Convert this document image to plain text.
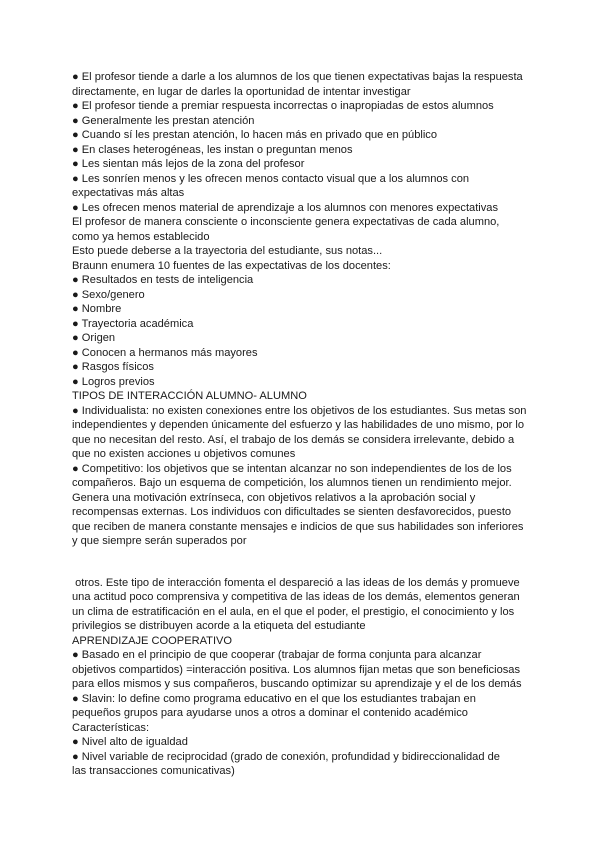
● El profesor tiende a darle a los alumnos de los que tienen expectativas bajas la respuesta
directamente, en lugar de darles la oportunidad de intentar investigar
● El profesor tiende a premiar respuesta incorrectas o inapropiadas de estos alumnos
● Generalmente les prestan atención
● Cuando sí les prestan atención, lo hacen más en privado que en público
● En clases heterogéneas, les instan o preguntan menos
● Les sientan más lejos de la zona del profesor
● Les sonríen menos y les ofrecen menos contacto visual que a los alumnos con
expectativas más altas
● Les ofrecen menos material de aprendizaje a los alumnos con menores expectativas
El profesor de manera consciente o inconsciente genera expectativas de cada alumno,
como ya hemos establecido
Esto puede deberse a la trayectoria del estudiante, sus notas...
Braunn enumera 10 fuentes de las expectativas de los docentes:
● Resultados en tests de inteligencia
● Sexo/genero
● Nombre
● Trayectoria académica
● Origen
● Conocen a hermanos más mayores
● Rasgos físicos
● Logros previos
TIPOS DE INTERACCIÓN ALUMNO- ALUMNO
● Individualista: no existen conexiones entre los objetivos de los estudiantes. Sus metas son
independientes y dependen únicamente del esfuerzo y las habilidades de uno mismo, por lo
que no necesitan del resto. Así, el trabajo de los demás se considera irrelevante, debido a
que no existen acciones u objetivos comunes
● Competitivo: los objetivos que se intentan alcanzar no son independientes de los de los
compañeros. Bajo un esquema de competición, los alumnos tienen un rendimiento mejor.
Genera una motivación extrínseca, con objetivos relativos a la aprobación social y
recompensas externas. Los individuos con dificultades se sienten desfavorecidos, puesto
que reciben de manera constante mensajes e indicios de que sus habilidades son inferiores
y que siempre serán superados por
otros. Este tipo de interacción fomenta el despareció a las ideas de los demás y promueve
una actitud poco comprensiva y competitiva de las ideas de los demás, elementos generan
un clima de estratificación en el aula, en el que el poder, el prestigio, el conocimiento y los
privilegios se distribuyen acorde a la etiqueta del estudiante
APRENDIZAJE COOPERATIVO
● Basado en el principio de que cooperar (trabajar de forma conjunta para alcanzar
objetivos compartidos) =interacción positiva. Los alumnos fijan metas que son beneficiosas
para ellos mismos y sus compañeros, buscando optimizar su aprendizaje y el de los demás
● Slavin: lo define como programa educativo en el que los estudiantes trabajan en
pequeños grupos para ayudarse unos a otros a dominar el contenido académico
Características:
● Nivel alto de igualdad
● Nivel variable de reciprocidad (grado de conexión, profundidad y bidireccionalidad de
las transacciones comunicativas)
